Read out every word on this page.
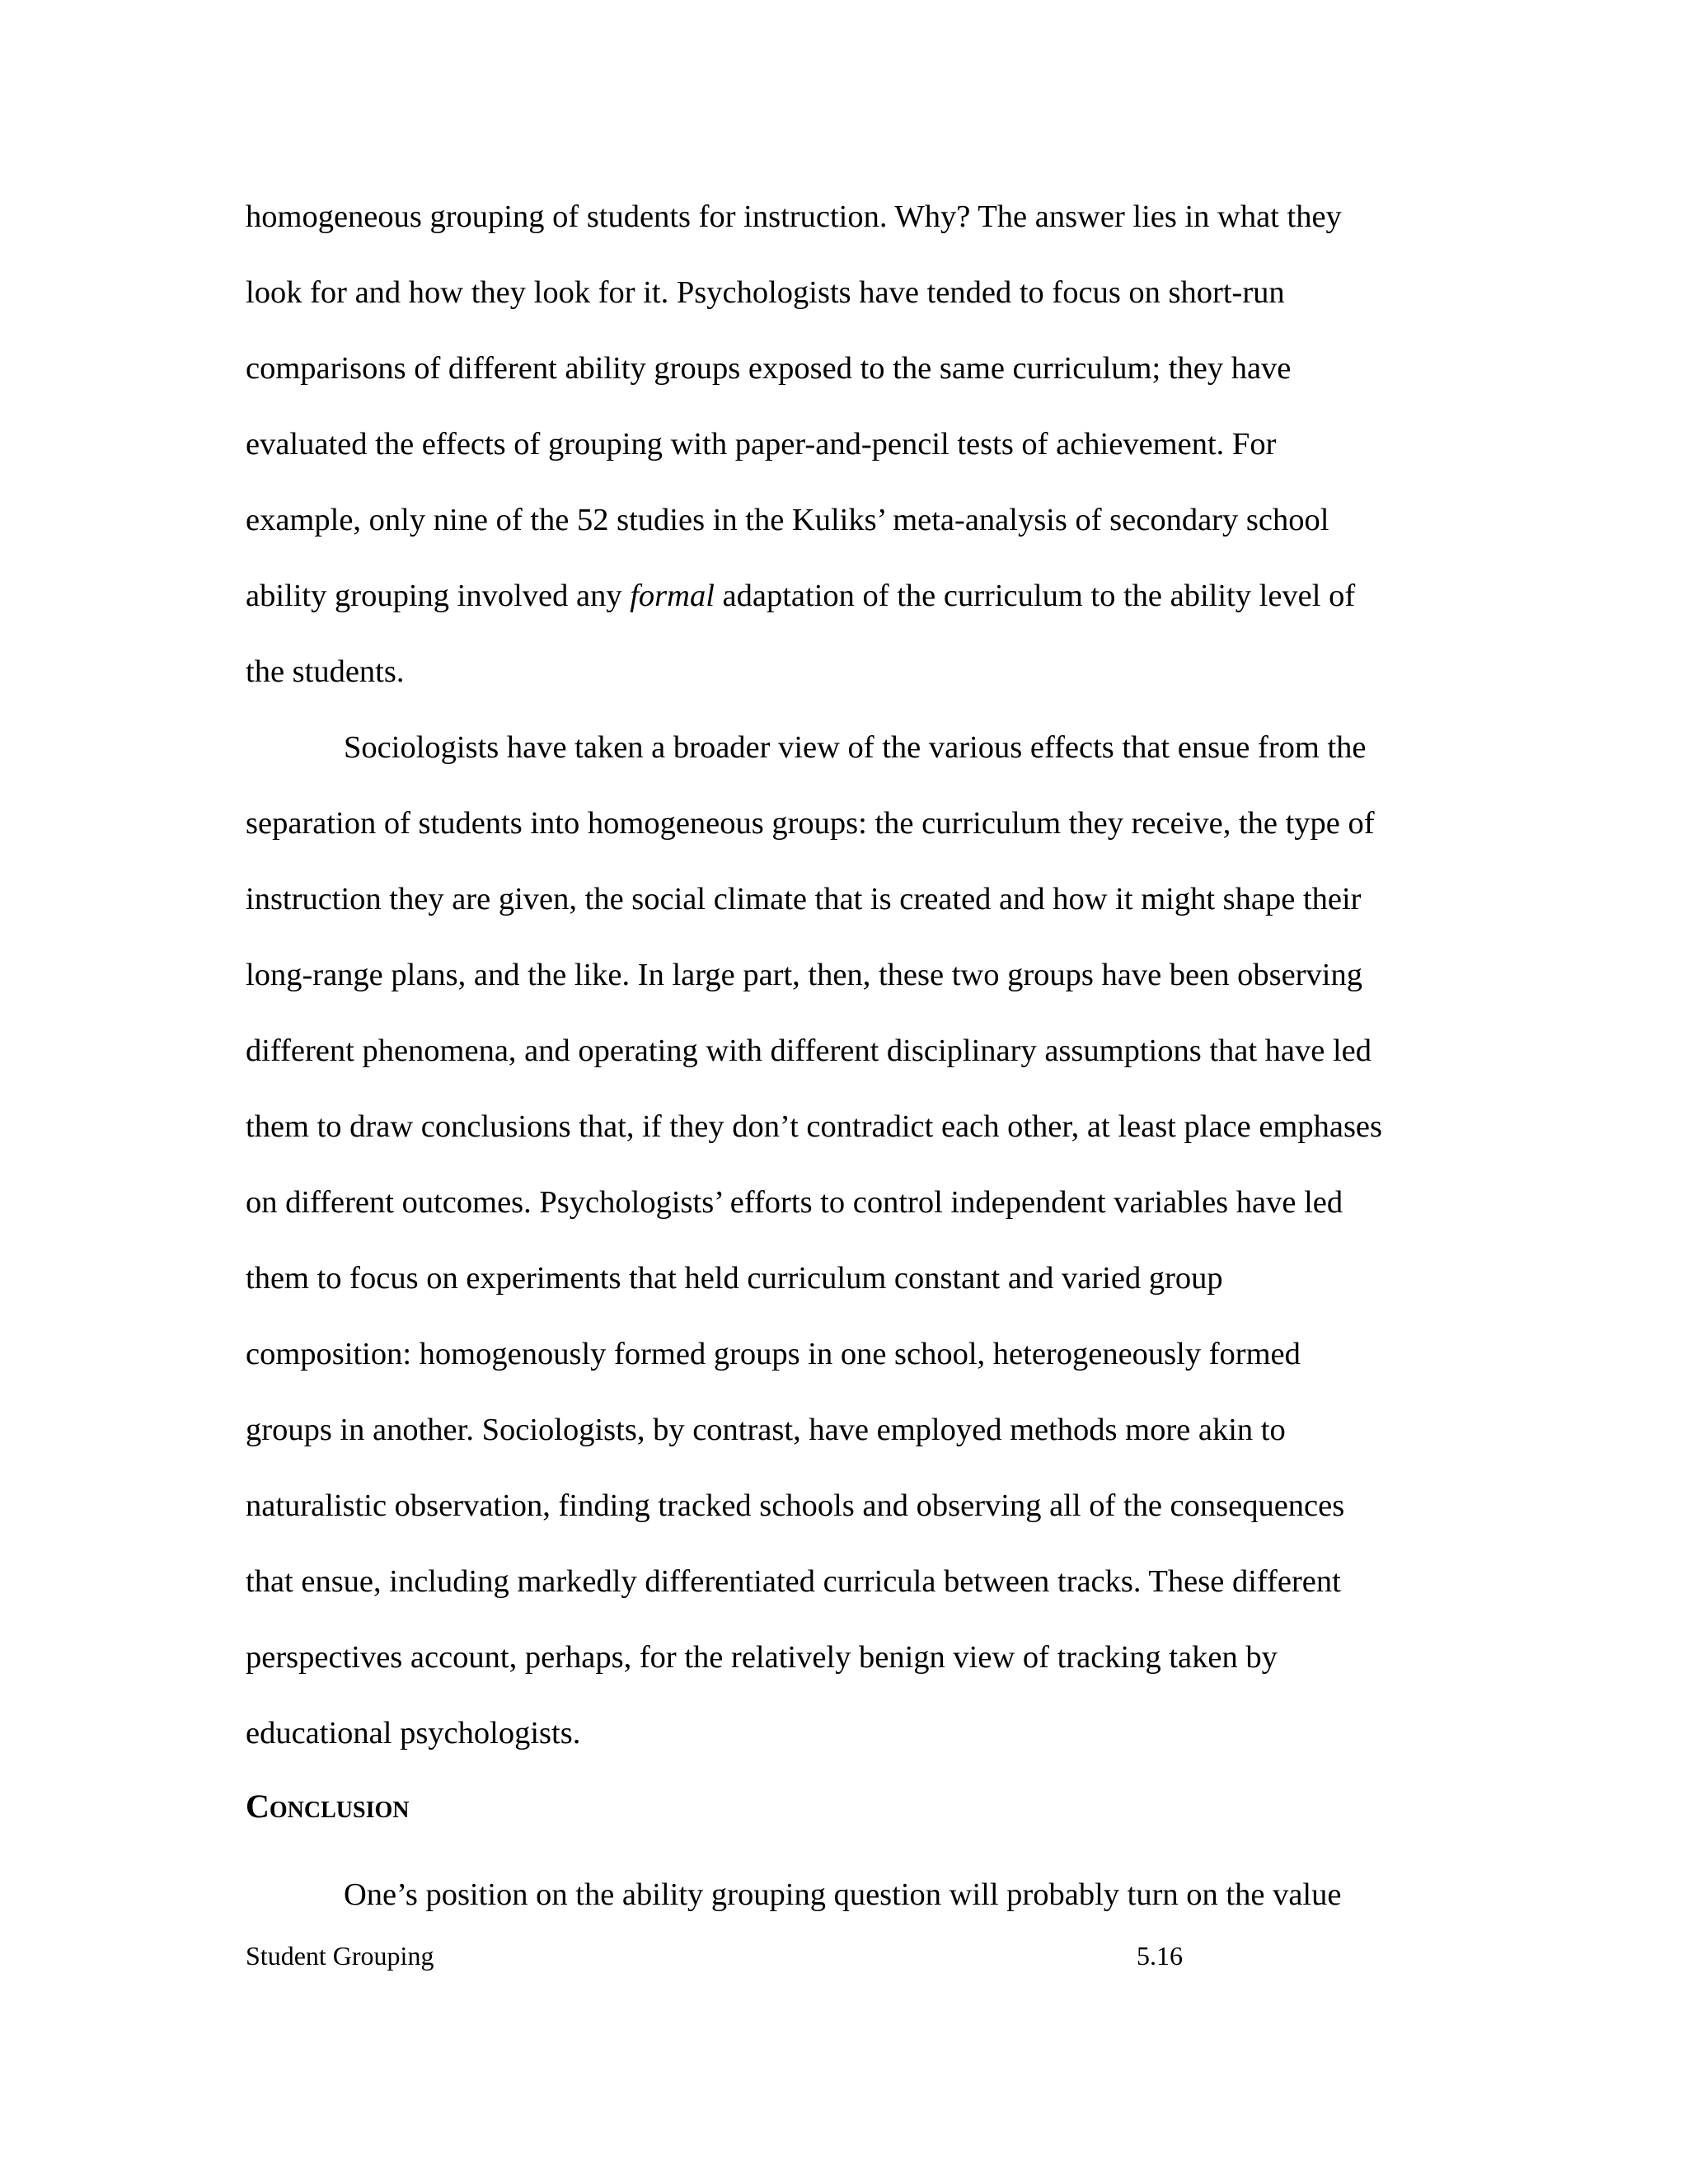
homogeneous grouping of students for instruction. Why? The answer lies in what they
look for and how they look for it. Psychologists have tended to focus on short-run
comparisons of different ability groups exposed to the same curriculum; they have
evaluated the effects of grouping with paper-and-pencil tests of achievement. For
example, only nine of the 52 studies in the Kuliks’ meta-analysis of secondary school
ability grouping involved any formal adaptation of the curriculum to the ability level of
the students.
Sociologists have taken a broader view of the various effects that ensue from the
separation of students into homogeneous groups: the curriculum they receive, the type of
instruction they are given, the social climate that is created and how it might shape their
long-range plans, and the like. In large part, then, these two groups have been observing
different phenomena, and operating with different disciplinary assumptions that have led
them to draw conclusions that, if they don’t contradict each other, at least place emphases
on different outcomes. Psychologists’ efforts to control independent variables have led
them to focus on experiments that held curriculum constant and varied group
composition: homogenously formed groups in one school, heterogeneously formed
groups in another. Sociologists, by contrast, have employed methods more akin to
naturalistic observation, finding tracked schools and observing all of the consequences
that ensue, including markedly differentiated curricula between tracks. These different
perspectives account, perhaps, for the relatively benign view of tracking taken by
educational psychologists.
Conclusion
One’s position on the ability grouping question will probably turn on the value
Student Grouping	5.16
